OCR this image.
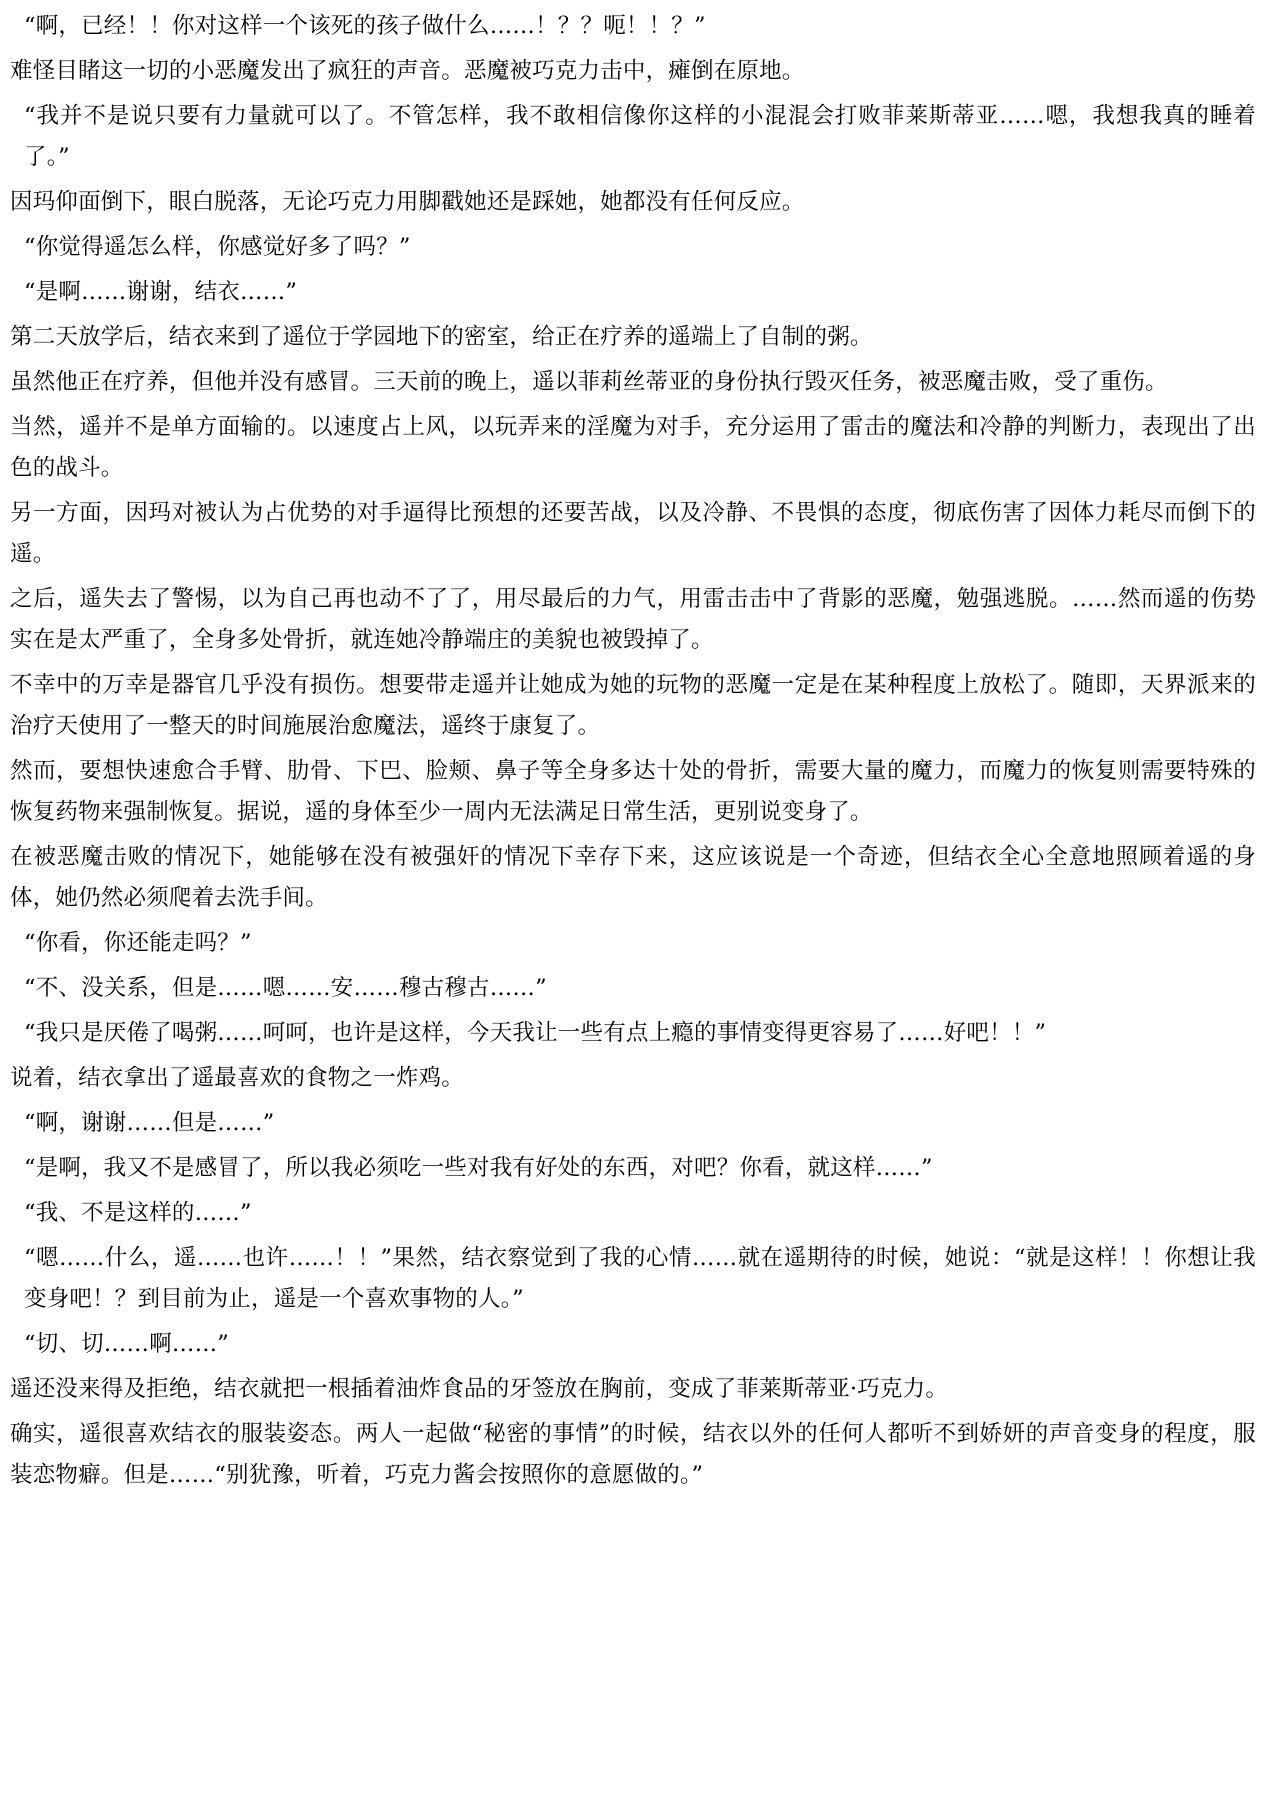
“啊，已经！！你对这样一个该死的孩子做什么……！？？呃！！？”

难怪目睹这一切的小恶魔发出了疯狂的声音。恶魔被巧克力击中，瘫倒在原地。

“我并不是说只要有力量就可以了。不管怎样，我不敢相信像你这样的小混混会打败菲莱斯蒂亚……嗯，我想我真的睡着了。”

因玛仰面倒下，眼白脱落，无论巧克力用脚戳她还是踩她，她都没有任何反应。

“你觉得遥怎么样，你感觉好多了吗？”

“是啊……谢谢，结衣……”

第二天放学后，结衣来到了遥位于学园地下的密室，给正在疗养的遥端上了自制的粥。

虽然他正在疗养，但他并没有感冒。三天前的晚上，遥以菲莉丝蒂亚的身份执行毁灭任务，被恶魔击败，受了重伤。

当然，遥并不是单方面输的。以速度占上风，以玩弄来的淫魔为对手，充分运用了雷击的魔法和冷静的判断力，表现出了出色的战斗。

另一方面，因玛对被认为占优势的对手逼得比预想的还要苦战，以及冷静、不畏惧的态度，彻底伤害了因体力耗尽而倒下的遥。

之后，遥失去了警惕，以为自己再也动不了了，用尽最后的力气，用雷击击中了背影的恶魔，勉强逃脱。……然而遥的伤势实在是太严重了，全身多处骨折，就连她冷静端庄的美貌也被毁掉了。

不幸中的万幸是器官几乎没有损伤。想要带走遥并让她成为她的玩物的恶魔一定是在某种程度上放松了。随即，天界派来的治疗天使用了一整天的时间施展治愈魔法，遥终于康复了。

然而，要想快速愈合手臂、肋骨、下巴、脸颊、鼻子等全身多达十处的骨折，需要大量的魔力，而魔力的恢复则需要特殊的恢复药物来强制恢复。据说，遥的身体至少一周内无法满足日常生活，更别说变身了。

在被恶魔击败的情况下，她能够在没有被强奸的情况下幸存下来，这应该说是一个奇迹，但结衣全心全意地照顾着遥的身体，她仍然必须爬着去洗手间。

“你看，你还能走吗？”

“不、没关系，但是……嗯……安……穆古穆古……”

“我只是厌倦了喝粥……呵呵，也许是这样，今天我让一些有点上瘾的事情变得更容易了……好吧！！”

说着，结衣拿出了遥最喜欢的食物之一炸鸡。

“啊，谢谢……但是……”

“是啊，我又不是感冒了，所以我必须吃一些对我有好处的东西，对吧？你看，就这样……”

“我、不是这样的……”

“嗯……什么，遥……也许……！！”果然，结衣察觉到了我的心情……就在遥期待的时候，她说：“就是这样！！你想让我变身吧！？到目前为止，遥是一个喜欢事物的人。”

“切、切……啊……”

遥还没来得及拒绝，结衣就把一根插着油炸食品的牙签放在胸前，变成了菲莱斯蒂亚·巧克力。

确实，遥很喜欢结衣的服装姿态。两人一起做“秘密的事情”的时候，结衣以外的任何人都听不到娇妍的声音变身的程度，服装恋物癖。但是……“别犹豫，听着，巧克力酱会按照你的意愿做的。”
